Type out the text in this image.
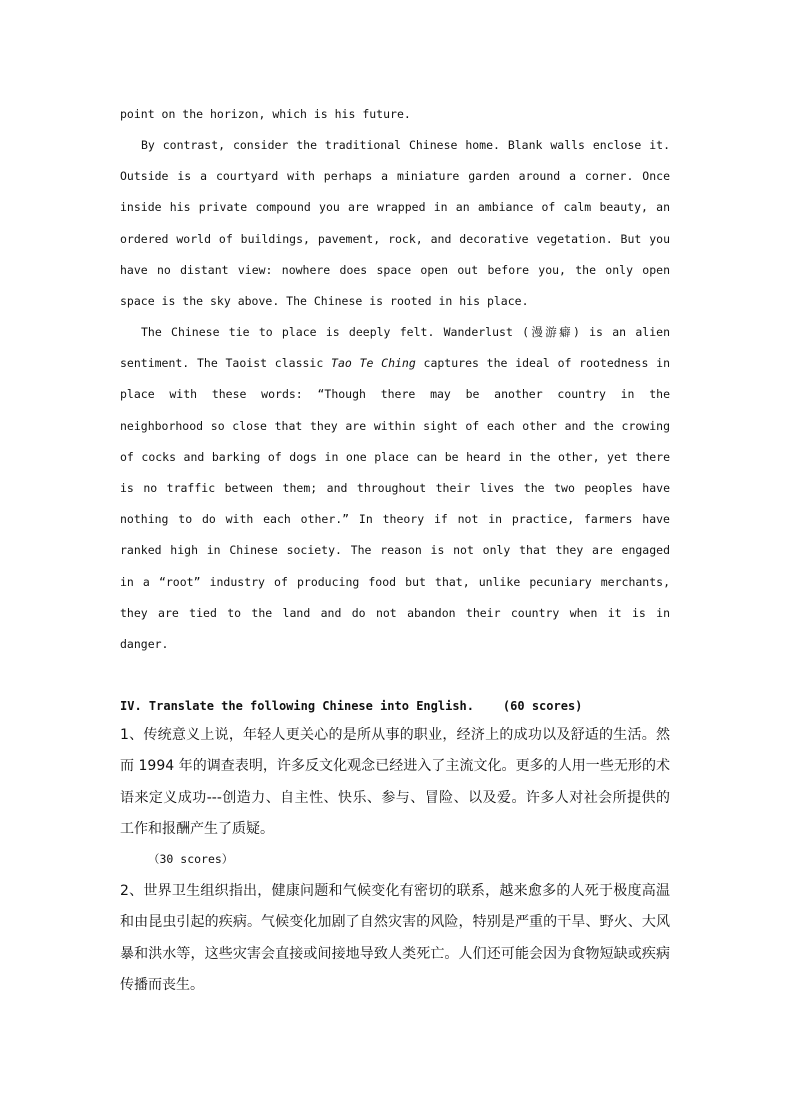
point on the horizon, which is his future.
By contrast, consider the traditional Chinese home. Blank walls enclose it.
Outside is a courtyard with perhaps a miniature garden around a corner. Once
inside his private compound you are wrapped in an ambiance of calm beauty, an
ordered world of buildings, pavement, rock, and decorative vegetation. But you
have no distant view: nowhere does space open out before you, the only open
space is the sky above. The Chinese is rooted in his place.
The Chinese tie to place is deeply felt. Wanderlust (漫游癖) is an alien
sentiment. The Taoist classic Tao Te Ching captures the ideal of rootedness in
place with these words: “Though there may be another country in the
neighborhood so close that they are within sight of each other and the crowing
of cocks and barking of dogs in one place can be heard in the other, yet there
is no traffic between them; and throughout their lives the two peoples have
nothing to do with each other.” In theory if not in practice, farmers have
ranked high in Chinese society. The reason is not only that they are engaged
in a “root” industry of producing food but that, unlike pecuniary merchants,
they are tied to the land and do not abandon their country when it is in
danger.
IV. Translate the following Chinese into English. (60 scores)
1、传统意义上说，年轻人更关心的是所从事的职业，经济上的成功以及舒适的生活。然
而 1994 年的调查表明，许多反文化观念已经进入了主流文化。更多的人用一些无形的术
语来定义成功---创造力、自主性、快乐、参与、冒险、以及爱。许多人对社会所提供的
工作和报酬产生了质疑。
（30 scores）
2、世界卫生组织指出，健康问题和气候变化有密切的联系，越来愈多的人死于极度高温
和由昆虫引起的疾病。气候变化加剧了自然灾害的风险，特别是严重的干旱、野火、大风
暴和洪水等，这些灾害会直接或间接地导致人类死亡。人们还可能会因为食物短缺或疾病
传播而丧生。
